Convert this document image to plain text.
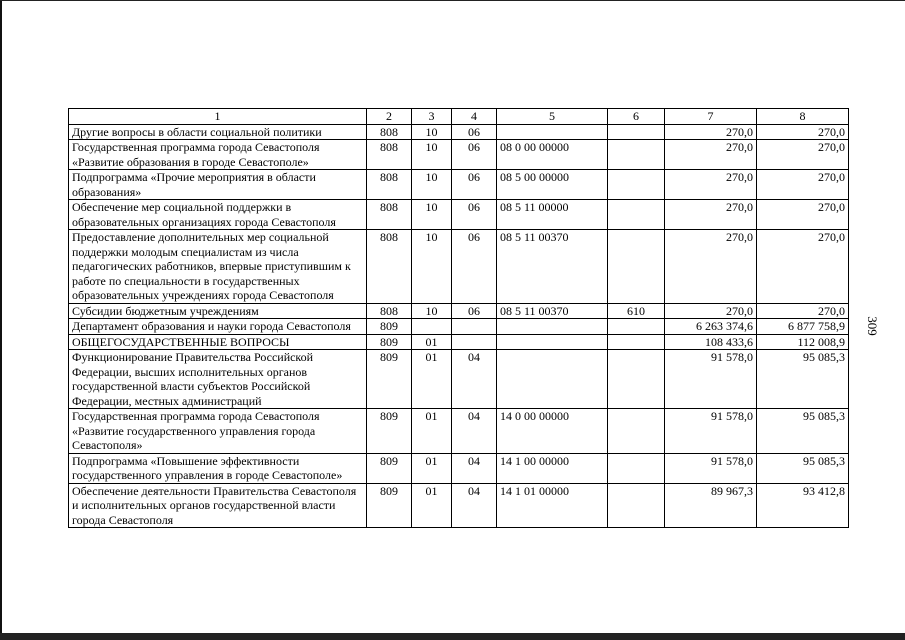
1	2	3	4	5	6	7	8
Другие вопросы в области социальной политики	808	10	06			270,0	270,0
Государственная программа города Севастополя «Развитие образования в городе Севастополе»	808	10	06	08 0 00 00000		270,0	270,0
Подпрограмма «Прочие мероприятия в области образования»	808	10	06	08 5 00 00000		270,0	270,0
Обеспечение мер социальной поддержки в образовательных организациях города Севастополя	808	10	06	08 5 11 00000		270,0	270,0
Предоставление дополнительных мер социальной поддержки молодым специалистам из числа педагогических работников, впервые приступившим к работе по специальности в государственных образовательных учреждениях города Севастополя	808	10	06	08 5 11 00370		270,0	270,0
Субсидии бюджетным учреждениям	808	10	06	08 5 11 00370	610	270,0	270,0
Департамент образования и науки города Севастополя	809					6 263 374,6	6 877 758,9
ОБЩЕГОСУДАРСТВЕННЫЕ ВОПРОСЫ	809	01				108 433,6	112 008,9
Функционирование Правительства Российской Федерации, высших исполнительных органов государственной власти субъектов Российской Федерации, местных администраций	809	01	04			91 578,0	95 085,3
Государственная программа города Севастополя «Развитие государственного управления города Севастополя»	809	01	04	14 0 00 00000		91 578,0	95 085,3
Подпрограмма «Повышение эффективности государственного управления в городе Севастополе»	809	01	04	14 1 00 00000		91 578,0	95 085,3
Обеспечение деятельности Правительства Севастополя и исполнительных органов государственной власти города Севастополя	809	01	04	14 1 01 00000		89 967,3	93 412,8
309
